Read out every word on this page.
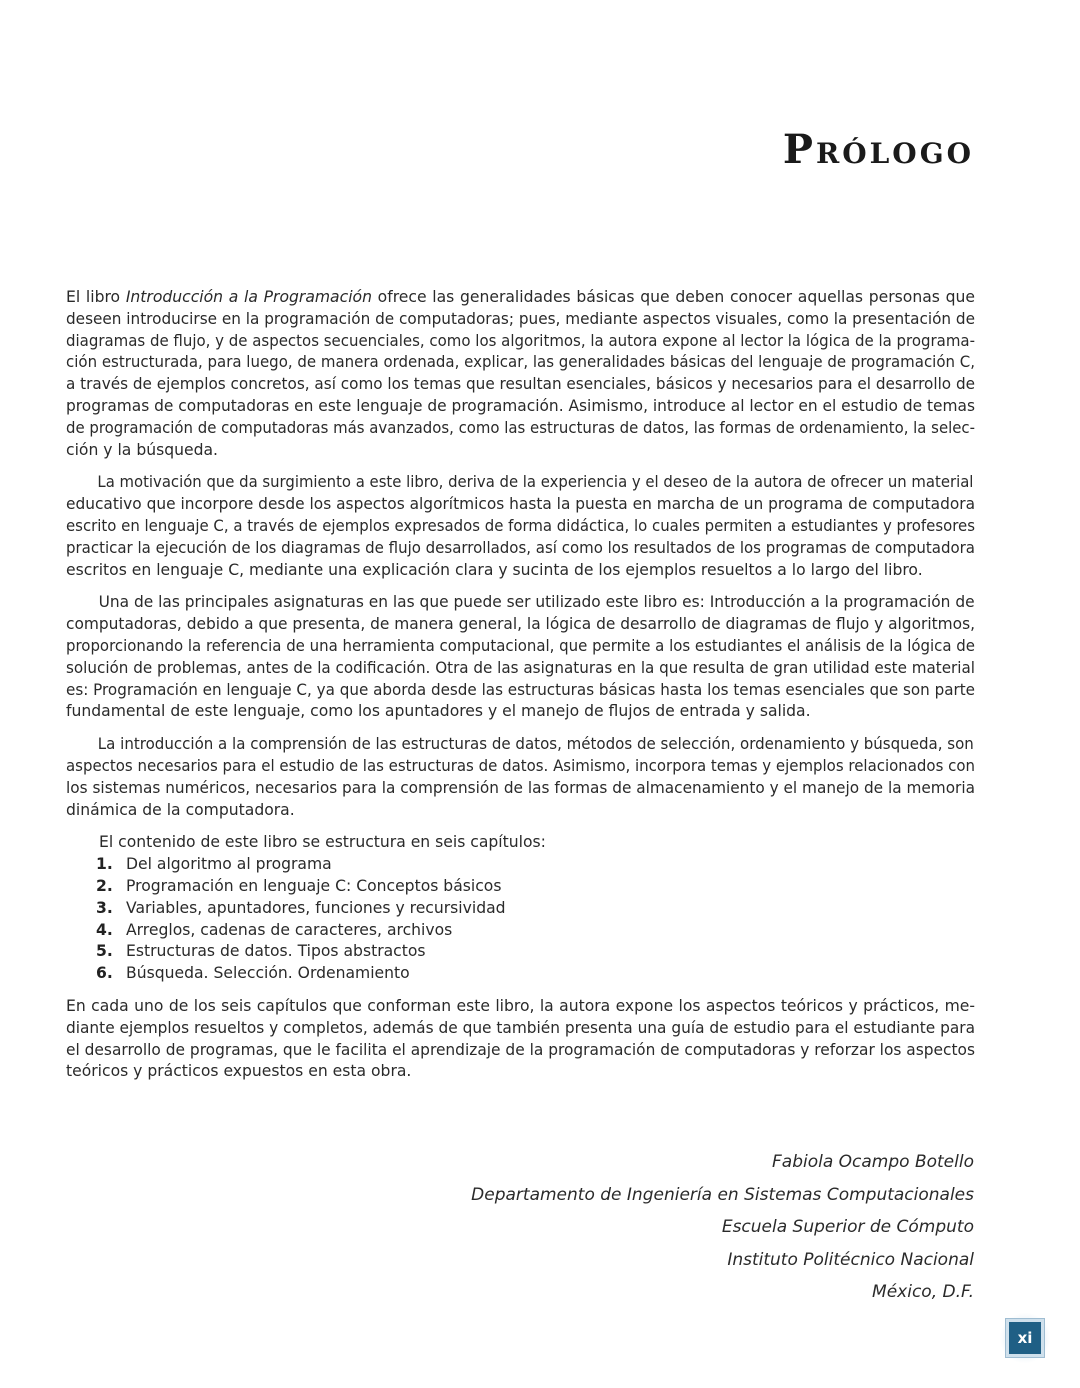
Prólogo
El libro Introducción a la Programación ofrece las generalidades básicas que deben conocer aquellas personas que
deseen introducirse en la programación de computadoras; pues, mediante aspectos visuales, como la presentación de
diagramas de flujo, y de aspectos secuenciales, como los algoritmos, la autora expone al lector la lógica de la programa-
ción estructurada, para luego, de manera ordenada, explicar, las generalidades básicas del lenguaje de programación C,
a través de ejemplos concretos, así como los temas que resultan esenciales, básicos y necesarios para el desarrollo de
programas de computadoras en este lenguaje de programación. Asimismo, introduce al lector en el estudio de temas
de programación de computadoras más avanzados, como las estructuras de datos, las formas de ordenamiento, la selec-
ción y la búsqueda.
La motivación que da surgimiento a este libro, deriva de la experiencia y el deseo de la autora de ofrecer un material
educativo que incorpore desde los aspectos algorítmicos hasta la puesta en marcha de un programa de computadora
escrito en lenguaje C, a través de ejemplos expresados de forma didáctica, lo cuales permiten a estudiantes y profesores
practicar la ejecución de los diagramas de flujo desarrollados, así como los resultados de los programas de computadora
escritos en lenguaje C, mediante una explicación clara y sucinta de los ejemplos resueltos a lo largo del libro.
Una de las principales asignaturas en las que puede ser utilizado este libro es: Introducción a la programación de
computadoras, debido a que presenta, de manera general, la lógica de desarrollo de diagramas de flujo y algoritmos,
proporcionando la referencia de una herramienta computacional, que permite a los estudiantes el análisis de la lógica de
solución de problemas, antes de la codificación. Otra de las asignaturas en la que resulta de gran utilidad este material
es: Programación en lenguaje C, ya que aborda desde las estructuras básicas hasta los temas esenciales que son parte
fundamental de este lenguaje, como los apuntadores y el manejo de flujos de entrada y salida.
La introducción a la comprensión de las estructuras de datos, métodos de selección, ordenamiento y búsqueda, son
aspectos necesarios para el estudio de las estructuras de datos. Asimismo, incorpora temas y ejemplos relacionados con
los sistemas numéricos, necesarios para la comprensión de las formas de almacenamiento y el manejo de la memoria
dinámica de la computadora.
El contenido de este libro se estructura en seis capítulos:
1. Del algoritmo al programa
2. Programación en lenguaje C: Conceptos básicos
3. Variables, apuntadores, funciones y recursividad
4. Arreglos, cadenas de caracteres, archivos
5. Estructuras de datos. Tipos abstractos
6. Búsqueda. Selección. Ordenamiento
En cada uno de los seis capítulos que conforman este libro, la autora expone los aspectos teóricos y prácticos, me-
diante ejemplos resueltos y completos, además de que también presenta una guía de estudio para el estudiante para
el desarrollo de programas, que le facilita el aprendizaje de la programación de computadoras y reforzar los aspectos
teóricos y prácticos expuestos en esta obra.
Fabiola Ocampo Botello
Departamento de Ingeniería en Sistemas Computacionales
Escuela Superior de Cómputo
Instituto Politécnico Nacional
México, D.F.
xi
